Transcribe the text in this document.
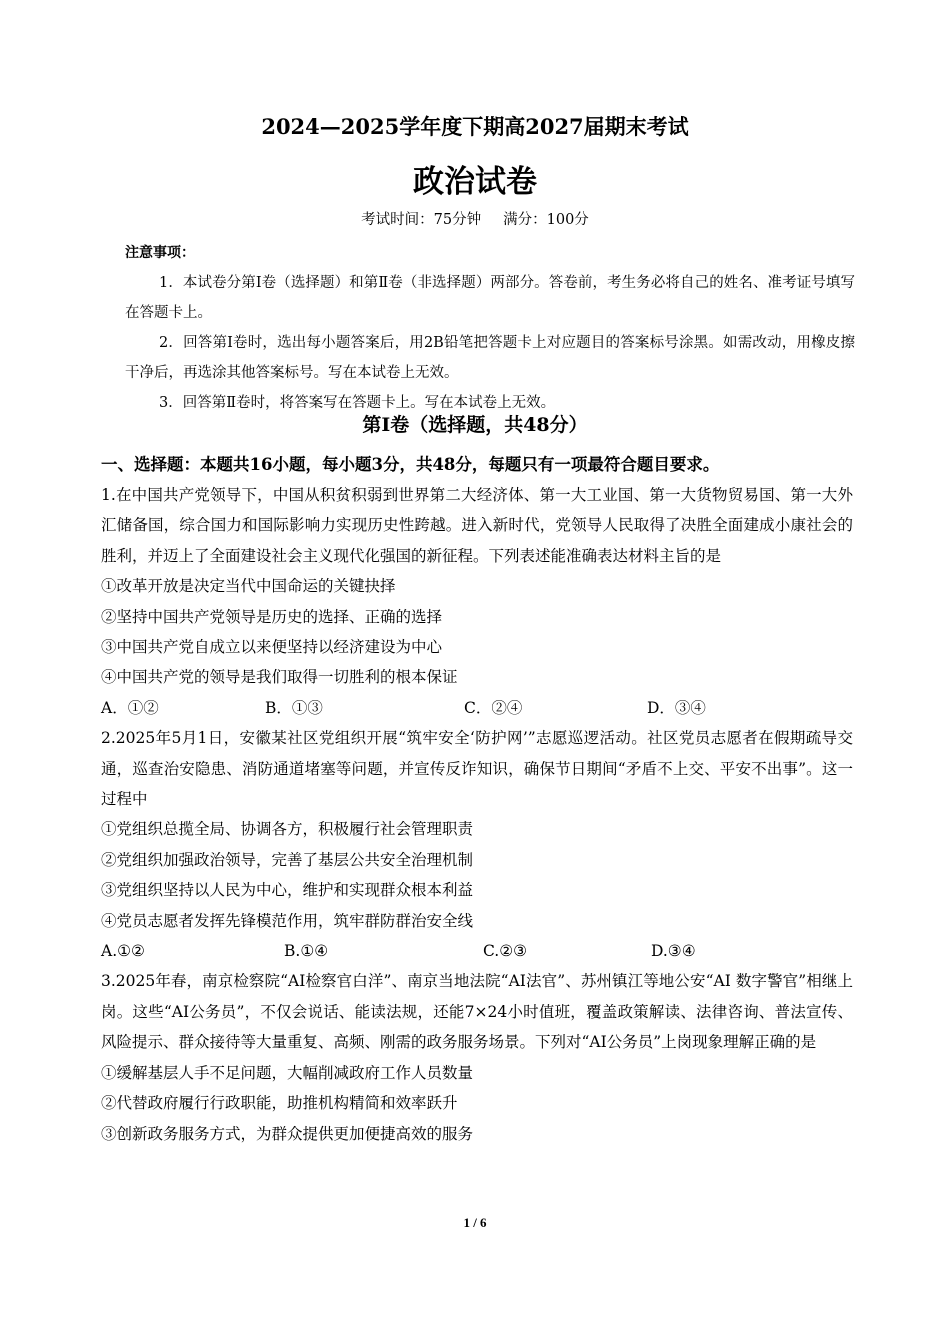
2024—2025学年度下期高2027届期末考试
政治试卷
考试时间：75分钟 满分：100分
注意事项：
1．本试卷分第Ⅰ卷（选择题）和第Ⅱ卷（非选择题）两部分。答卷前，考生务必将自己的姓名、准考证号填写在答题卡上。
2．回答第Ⅰ卷时，选出每小题答案后，用2B铅笔把答题卡上对应题目的答案标号涂黑。如需改动，用橡皮擦干净后，再选涂其他答案标号。写在本试卷上无效。
3．回答第Ⅱ卷时，将答案写在答题卡上。写在本试卷上无效。
第Ⅰ卷（选择题，共48分）
一、选择题：本题共16小题，每小题3分，共48分，每题只有一项最符合题目要求。
1.在中国共产党领导下，中国从积贫积弱到世界第二大经济体、第一大工业国、第一大货物贸易国、第一大外汇储备国，综合国力和国际影响力实现历史性跨越。进入新时代，党领导人民取得了决胜全面建成小康社会的胜利，并迈上了全面建设社会主义现代化强国的新征程。下列表述能准确表达材料主旨的是
①改革开放是决定当代中国命运的关键抉择
②坚持中国共产党领导是历史的选择、正确的选择
③中国共产党自成立以来便坚持以经济建设为中心
④中国共产党的领导是我们取得一切胜利的根本保证
A．①②	B．①③	C．②④	D．③④
2.2025年5月1日，安徽某社区党组织开展“筑牢安全‘防护网’”志愿巡逻活动。社区党员志愿者在假期疏导交通，巡查治安隐患、消防通道堵塞等问题，并宣传反诈知识，确保节日期间“矛盾不上交、平安不出事”。这一过程中
①党组织总揽全局、协调各方，积极履行社会管理职责
②党组织加强政治领导，完善了基层公共安全治理机制
③党组织坚持以人民为中心，维护和实现群众根本利益
④党员志愿者发挥先锋模范作用，筑牢群防群治安全线
A.①②	B.①④	C.②③	D.③④
3.2025年春，南京检察院“AI检察官白洋”、南京当地法院“AI法官”、苏州镇江等地公安“AI 数字警官”相继上岗。这些“AI公务员”，不仅会说话、能读法规，还能7×24小时值班，覆盖政策解读、法律咨询、普法宣传、风险提示、群众接待等大量重复、高频、刚需的政务服务场景。下列对“AI公务员”上岗现象理解正确的是
①缓解基层人手不足问题，大幅削减政府工作人员数量
②代替政府履行行政职能，助推机构精简和效率跃升
③创新政务服务方式，为群众提供更加便捷高效的服务
1 / 6
